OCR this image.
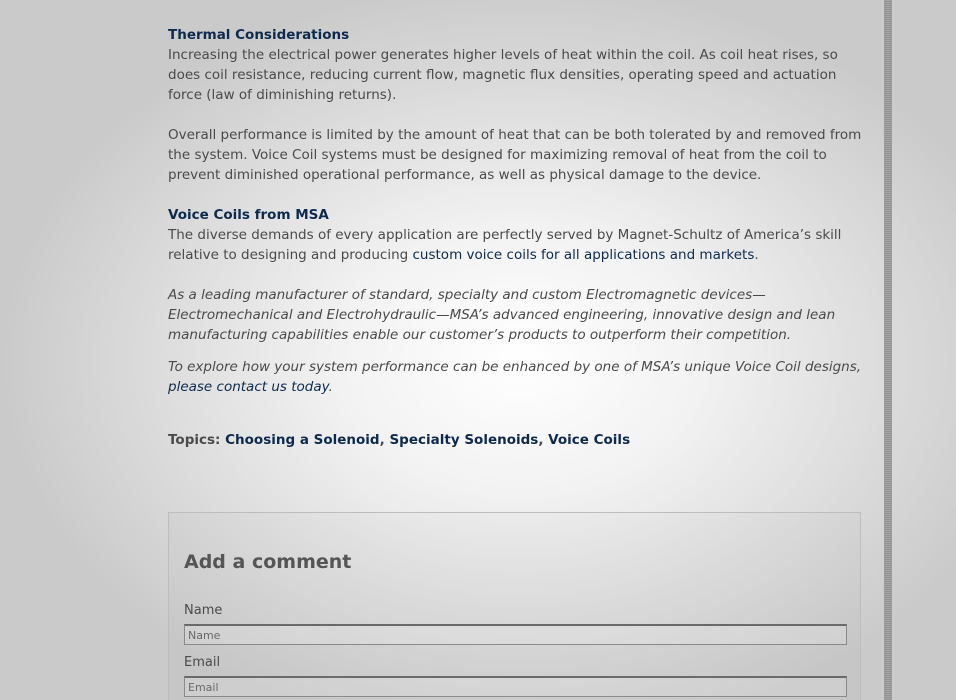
Thermal Considerations

Increasing the electrical power generates higher levels of heat within the coil. As coil heat rises, so does coil resistance, reducing current flow, magnetic flux densities, operating speed and actuation force (law of diminishing returns).

Overall performance is limited by the amount of heat that can be both tolerated by and removed from the system. Voice Coil systems must be designed for maximizing removal of heat from the coil to prevent diminished operational performance, as well as physical damage to the device.

Voice Coils from MSA

The diverse demands of every application are perfectly served by Magnet-Schultz of America’s skill relative to designing and producing custom voice coils for all applications and markets.

As a leading manufacturer of standard, specialty and custom Electromagnetic devices—Electromechanical and Electrohydraulic—MSA’s advanced engineering, innovative design and lean manufacturing capabilities enable our customer’s products to outperform their competition.

To explore how your system performance can be enhanced by one of MSA’s unique Voice Coil designs, please contact us today.

Topics: Choosing a Solenoid, Specialty Solenoids, Voice Coils
Add a comment
Name
Name
Email
Email
